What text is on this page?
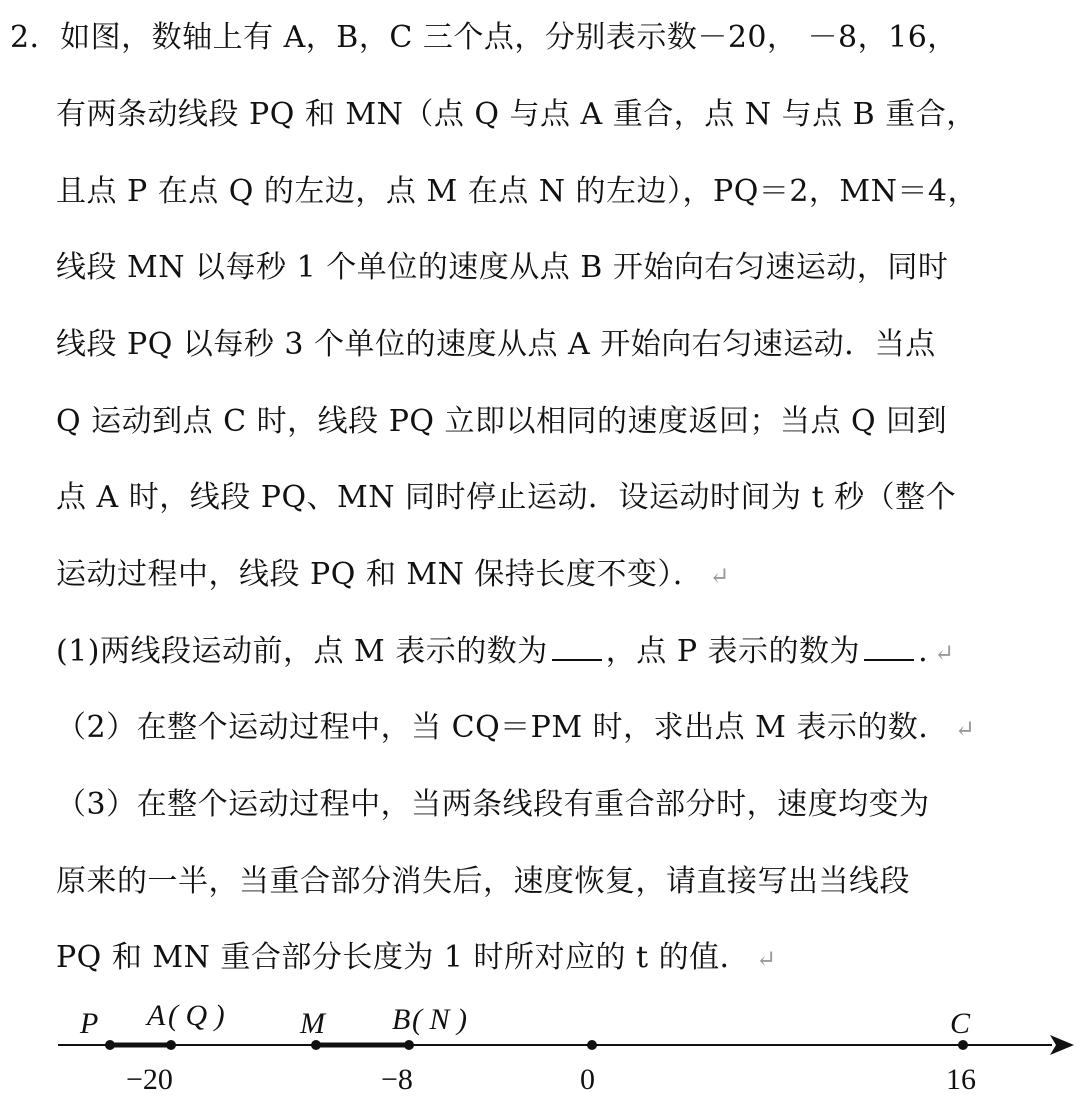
2．如图，数轴上有 A，B，C 三个点，分别表示数－20， －8，16，
有两条动线段 PQ 和 MN（点 Q 与点 A 重合，点 N 与点 B 重合，
且点 P 在点 Q 的左边，点 M 在点 N 的左边），PQ＝2，MN＝4，
线段 MN 以每秒 1 个单位的速度从点 B 开始向右匀速运动，同时
线段 PQ 以每秒 3 个单位的速度从点 A 开始向右匀速运动．当点
Q 运动到点 C 时，线段 PQ 立即以相同的速度返回；当点 Q 回到
点 A 时，线段 PQ、MN 同时停止运动．设运动时间为 t 秒（整个
运动过程中，线段 PQ 和 MN 保持长度不变）． ↵
(1)两线段运动前，点 M 表示的数为 ，点 P 表示的数为 . ↵
（2）在整个运动过程中，当 CQ＝PM 时，求出点 M 表示的数． ↵
（3）在整个运动过程中，当两条线段有重合部分时，速度均变为
原来的一半，当重合部分消失后，速度恢复，请直接写出当线段
PQ 和 MN 重合部分长度为 1 时所对应的 t 的值． ↵
P A ( Q )	M B ( N )	C
−20	−8	0	16
